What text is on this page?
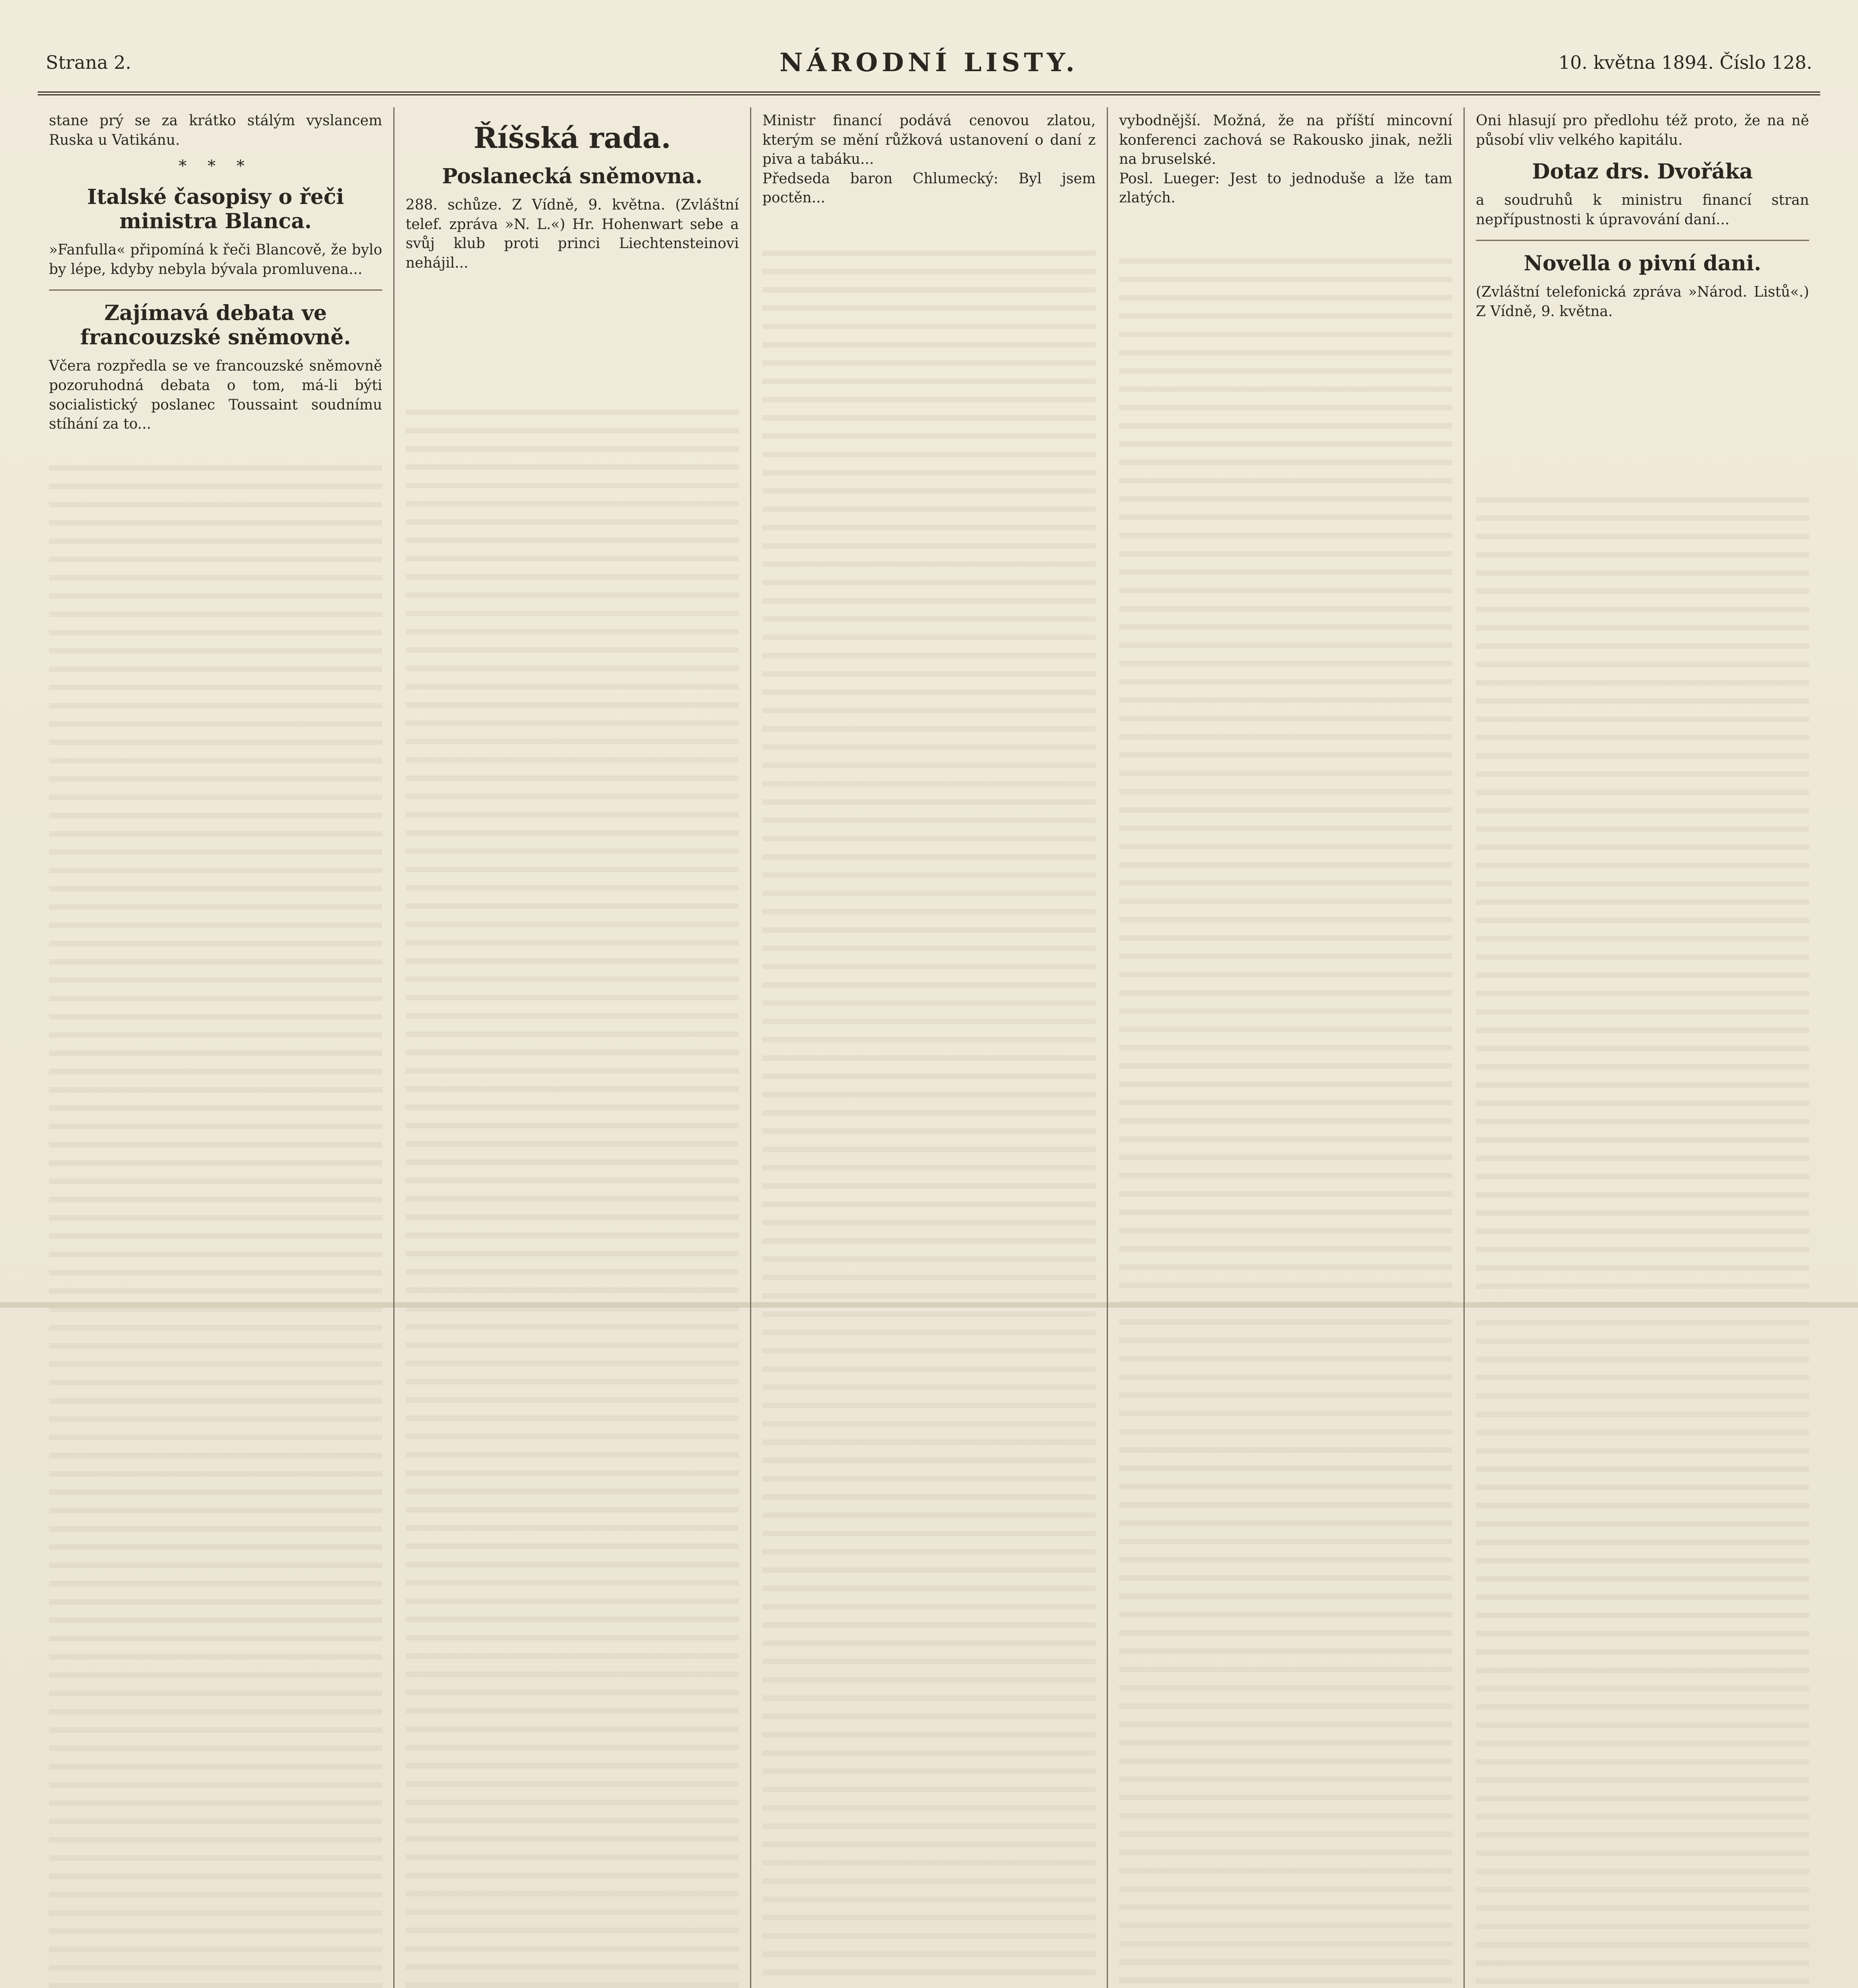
Strana 2.	NÁRODNÍ LISTY.	10. května 1894. Číslo 128.
stane prý se za krátko stálým vyslancem Ruska u Vatikánu.
* * *
Italské časopisy o řeči ministra Blanca.
»Fanfulla« připomíná k řeči Blancově, že bylo by lépe, kdyby nebyla bývala promluvena...
Zajímavá debata ve francouzské sněmovně.
Včera rozpředla se ve francouzské sněmovně pozoruhodná debata o tom, má-li býti socialistický poslanec Toussaint soudnímu stíhání za to...
Říšská rada.
Poslanecká sněmovna.
288. schůze. Z Vídně, 9. května. (Zvláštní telef. zpráva »N. L.«) Hr. Hohenwart sebe a svůj klub proti princi Liechtensteinovi nehájil...
Ministr financí podává cenovou zlatou, kterým se mění růžková ustanovení o daní z piva a tabáku...
Předseda baron Chlumecký: Byl jsem poctěn...
vybodnější. Možná, že na příští mincovní konferenci zachová se Rakousko jinak, nežli na bruselské.
Posl. Lueger: Jest to jednoduše a lže tam zlatých.
Oni hlasují pro předlohu též proto, že na ně působí vliv velkého kapitálu.
Dotaz drs. Dvořáka
a soudruhů k ministru financí stran nepřípustnosti k úpravování daní...
Novella o pivní dani.
(Zvláštní telefonická zpráva »Národ. Listů«.) Z Vídně, 9. května.
